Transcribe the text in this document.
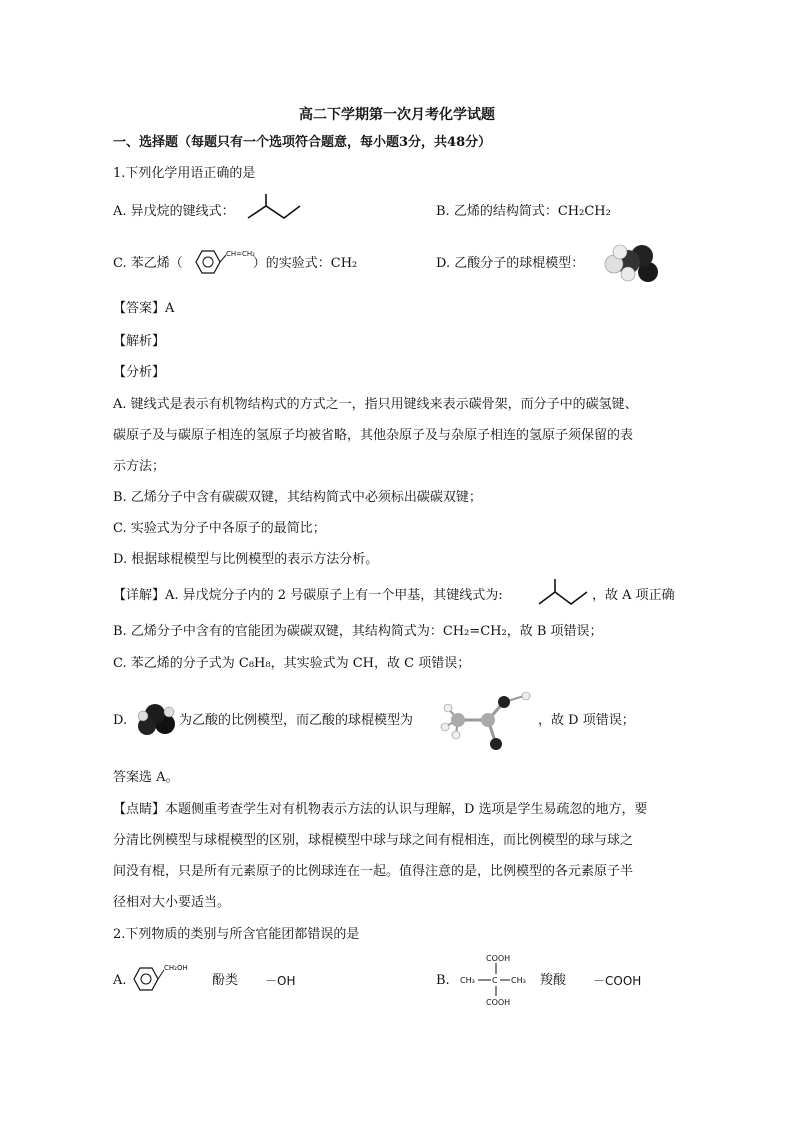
高二下学期第一次月考化学试题
一、选择题（每题只有一个选项符合题意，每小题3分，共48分）
1.下列化学用语正确的是
A. 异戊烷的键线式：	B. 乙烯的结构简式：CH₂CH₂
C. 苯乙烯（	）的实验式：CH₂
CH=CH₂
D. 乙酸分子的球棍模型：
【答案】A
【解析】
【分析】
A. 键线式是表示有机物结构式的方式之一，指只用键线来表示碳骨架，而分子中的碳氢键、
碳原子及与碳原子相连的氢原子均被省略，其他杂原子及与杂原子相连的氢原子须保留的表
示方法；
B. 乙烯分子中含有碳碳双键，其结构简式中必须标出碳碳双键；
C. 实验式为分子中各原子的最简比；
D. 根据球棍模型与比例模型的表示方法分析。
【详解】A. 异戊烷分子内的 2 号碳原子上有一个甲基，其键线式为:	，故 A 项正确
B. 乙烯分子中含有的官能团为碳碳双键，其结构简式为：CH₂=CH₂，故 B 项错误；
C. 苯乙烯的分子式为 C₈H₈，其实验式为 CH，故 C 项错误；
D.	为乙酸的比例模型，而乙酸的球棍模型为	，故 D 项错误；
答案选 A。
【点睛】本题侧重考查学生对有机物表示方法的认识与理解，D 选项是学生易疏忽的地方，要
分清比例模型与球棍模型的区别，球棍模型中球与球之间有棍相连，而比例模型的球与球之
间没有棍，只是所有元素原子的比例球连在一起。值得注意的是，比例模型的各元素原子半
径相对大小要适当。
2.下列物质的类别与所含官能团都错误的是
A.
CH₂OH
酚类 －OH	B.
COOH
CH₃ C CH₃
COOH
羧酸 －COOH
